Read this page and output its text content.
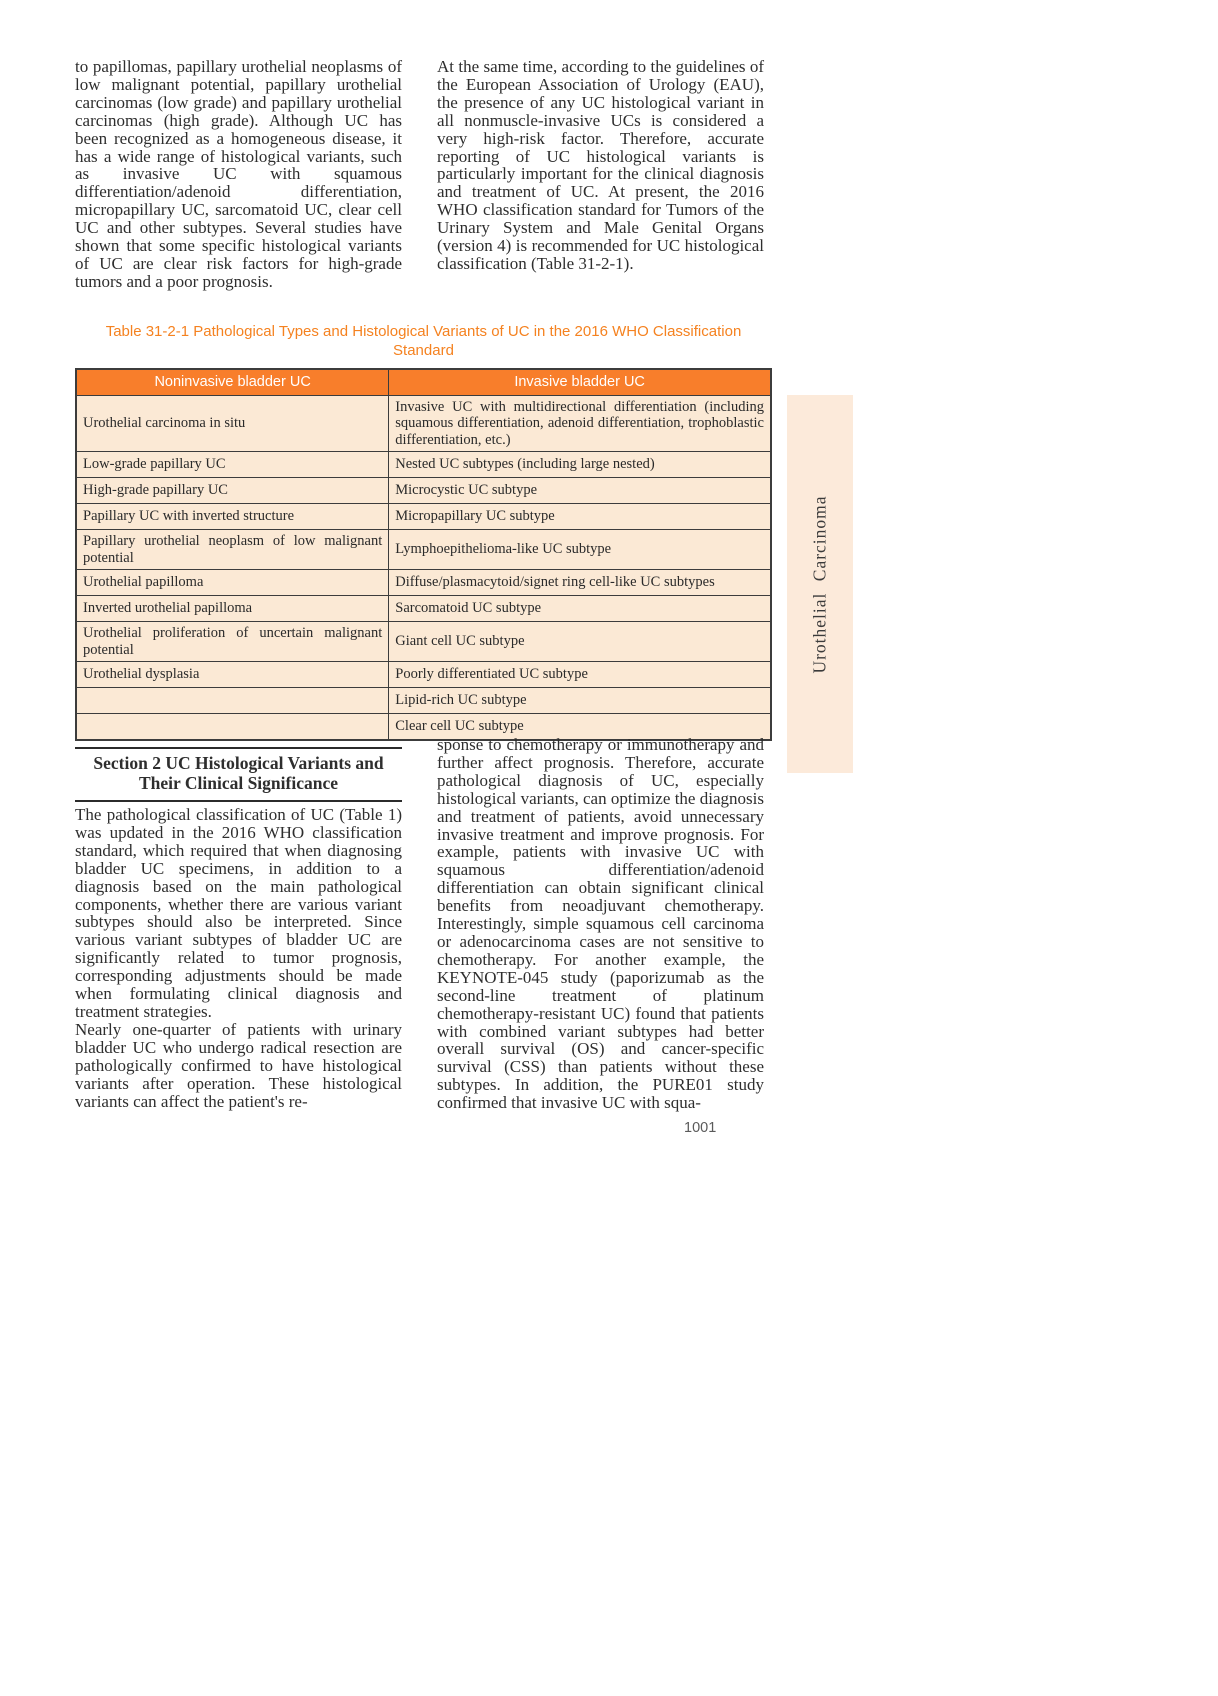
to papillomas, papillary urothelial neoplasms of low malignant potential, papillary urothelial carcinomas (low grade) and papillary urothelial carcinomas (high grade). Although UC has been recognized as a homogeneous disease, it has a wide range of histological variants, such as invasive UC with squamous differentiation/adenoid differentiation, micropapillary UC, sarcomatoid UC, clear cell UC and other subtypes. Several studies have shown that some specific histological variants of UC are clear risk factors for high-grade tumors and a poor prognosis.
At the same time, according to the guidelines of the European Association of Urology (EAU), the presence of any UC histological variant in all nonmuscle-invasive UCs is considered a very high-risk factor. Therefore, accurate reporting of UC histological variants is particularly important for the clinical diagnosis and treatment of UC. At present, the 2016 WHO classification standard for Tumors of the Urinary System and Male Genital Organs (version 4) is recommended for UC histological classification (Table 31-2-1).
Table 31-2-1 Pathological Types and Histological Variants of UC in the 2016 WHO Classification Standard
Noninvasive bladder UC	Invasive bladder UC
Urothelial carcinoma in situ	Invasive UC with multidirectional differentiation (including squamous differentiation, adenoid differentiation, trophoblastic differentiation, etc.)
Low-grade papillary UC	Nested UC subtypes (including large nested)
High-grade papillary UC	Microcystic UC subtype
Papillary UC with inverted structure	Micropapillary UC subtype
Papillary urothelial neoplasm of low malignant potential	Lymphoepithelioma-like UC subtype
Urothelial papilloma	Diffuse/plasmacytoid/signet ring cell-like UC subtypes
Inverted urothelial papilloma	Sarcomatoid UC subtype
Urothelial proliferation of uncertain malignant potential	Giant cell UC subtype
Urothelial dysplasia	Poorly differentiated UC subtype
	Lipid-rich UC subtype
	Clear cell UC subtype
Urothelial Carcinoma
Section 2 UC Histological Variants and
Their Clinical Significance

The pathological classification of UC (Table 1) was updated in the 2016 WHO classification standard, which required that when diagnosing bladder UC specimens, in addition to a diagnosis based on the main pathological components, whether there are various variant subtypes should also be interpreted. Since various variant subtypes of bladder UC are significantly related to tumor prognosis, corresponding adjustments should be made when formulating clinical diagnosis and treatment strategies.

Nearly one-quarter of patients with urinary bladder UC who undergo radical resection are pathologically confirmed to have histological variants after operation. These histological variants can affect the patient's re-

sponse to chemotherapy or immunotherapy and further affect prognosis. Therefore, accurate pathological diagnosis of UC, especially histological variants, can optimize the diagnosis and treatment of patients, avoid unnecessary invasive treatment and improve prognosis. For example, patients with invasive UC with squamous differentiation/adenoid differentiation can obtain significant clinical benefits from neoadjuvant chemotherapy. Interestingly, simple squamous cell carcinoma or adenocarcinoma cases are not sensitive to chemotherapy. For another example, the KEYNOTE-045 study (paporizumab as the second-line treatment of platinum chemotherapy-resistant UC) found that patients with combined variant subtypes had better overall survival (OS) and cancer-specific survival (CSS) than patients without these subtypes. In addition, the PURE01 study confirmed that invasive UC with squa-
1001
